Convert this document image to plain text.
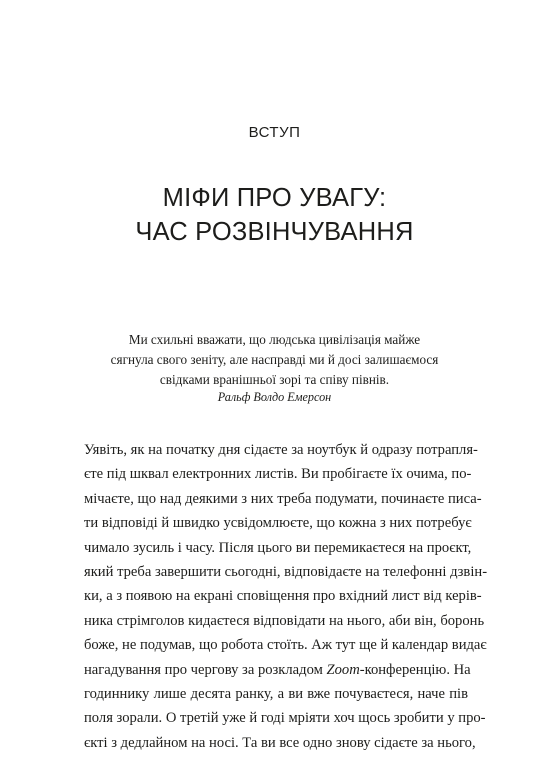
ВСТУП
МІФИ ПРО УВАГУ:
ЧАС РОЗВІНЧУВАННЯ
Ми схильні вважати, що людська цивілізація майже
сягнула свого зеніту, але насправді ми й досі залишаємося
свідками вранішньої зорі та співу півнів.
Ральф Волдо Емерсон
Уявіть, як на початку дня сідаєте за ноутбук й одразу потрапля-
єте під шквал електронних листів. Ви пробігаєте їх очима, по-
мічаєте, що над деякими з них треба подумати, починаєте писа-
ти відповіді й швидко усвідомлюєте, що кожна з них потребує
чимало зусиль і часу. Після цього ви перемикаєтеся на проєкт,
який треба завершити сьогодні, відповідаєте на телефонні дзвін-
ки, а з появою на екрані сповіщення про вхідний лист від керів-
ника стрімголов кидаєтеся відповідати на нього, аби він, боронь
боже, не подумав, що робота стоїть. Аж тут ще й календар видає
нагадування про чергову за розкладом Zoom-конференцію. На
годиннику лише десята ранку, а ви вже почуваєтеся, наче пів
поля зорали. О третій уже й годі мріяти хоч щось зробити у про-
єкті з дедлайном на носі. Та ви все одно знову сідаєте за нього,
